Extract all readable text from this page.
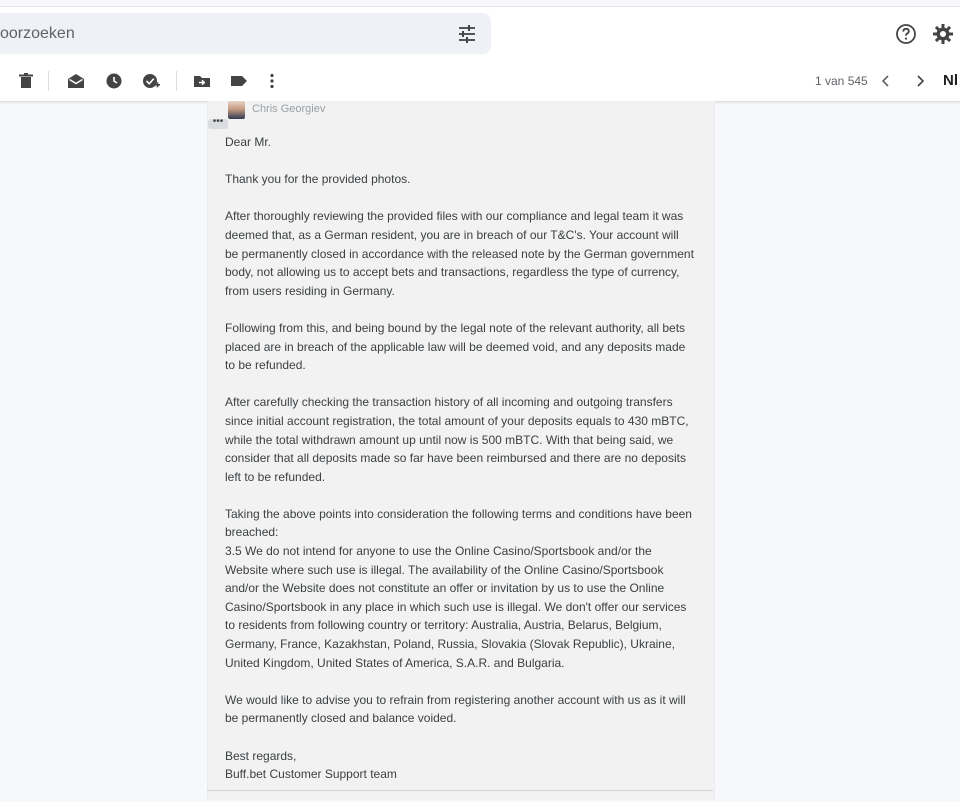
oorzoeken
1 van 545	Nl
Chris Georgiev
•••

Dear Mr.

Thank you for the provided photos.

After thoroughly reviewing the provided files with our compliance and legal team it was deemed that, as a German resident, you are in breach of our T&C's. Your account will be permanently closed in accordance with the released note by the German government body, not allowing us to accept bets and transactions, regardless the type of currency, from users residing in Germany.

Following from this, and being bound by the legal note of the relevant authority, all bets placed are in breach of the applicable law will be deemed void, and any deposits made to be refunded.

After carefully checking the transaction history of all incoming and outgoing transfers since initial account registration, the total amount of your deposits equals to 430 mBTC, while the total withdrawn amount up until now is 500 mBTC. With that being said, we consider that all deposits made so far have been reimbursed and there are no deposits left to be refunded.

Taking the above points into consideration the following terms and conditions have been breached:
3.5 We do not intend for anyone to use the Online Casino/Sportsbook and/or the Website where such use is illegal. The availability of the Online Casino/Sportsbook and/or the Website does not constitute an offer or invitation by us to use the Online Casino/Sportsbook in any place in which such use is illegal. We don't offer our services to residents from following country or territory: Australia, Austria, Belarus, Belgium, Germany, France, Kazakhstan, Poland, Russia, Slovakia (Slovak Republic), Ukraine, United Kingdom, United States of America, S.A.R. and Bulgaria.

We would like to advise you to refrain from registering another account with us as it will be permanently closed and balance voided.

Best regards,
Buff.bet Customer Support team
